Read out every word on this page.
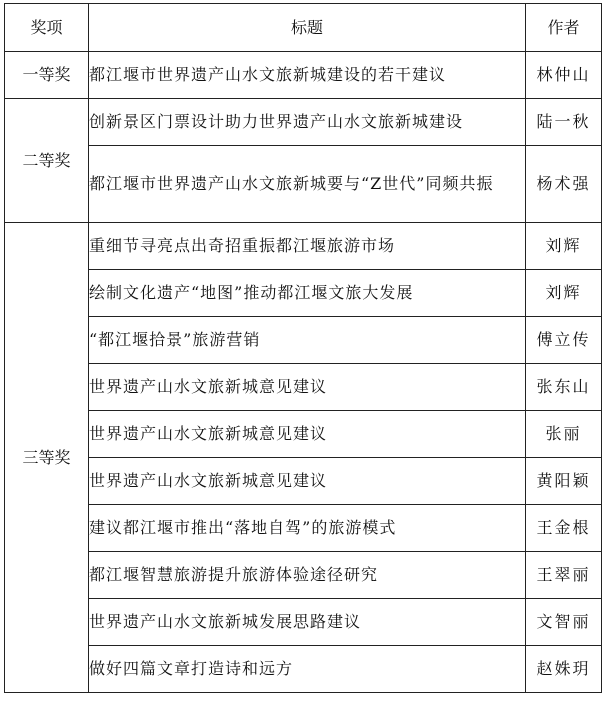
奖项	标题	作者
一等奖	都江堰市世界遗产山水文旅新城建设的若干建议	林仲山
二等奖	创新景区门票设计助力世界遗产山水文旅新城建设	陆一秋
	都江堰市世界遗产山水文旅新城要与“Z世代”同频共振	杨术强
三等奖	重细节寻亮点出奇招重振都江堰旅游市场	刘辉
	绘制文化遗产“地图”推动都江堰文旅大发展	刘辉
	“都江堰拾景”旅游营销	傅立传
	世界遗产山水文旅新城意见建议	张东山
	世界遗产山水文旅新城意见建议	张丽
	世界遗产山水文旅新城意见建议	黄阳颖
	建议都江堰市推出“落地自驾”的旅游模式	王金根
	都江堰智慧旅游提升旅游体验途径研究	王翠丽
	世界遗产山水文旅新城发展思路建议	文智丽
	做好四篇文章打造诗和远方	赵姝玥
